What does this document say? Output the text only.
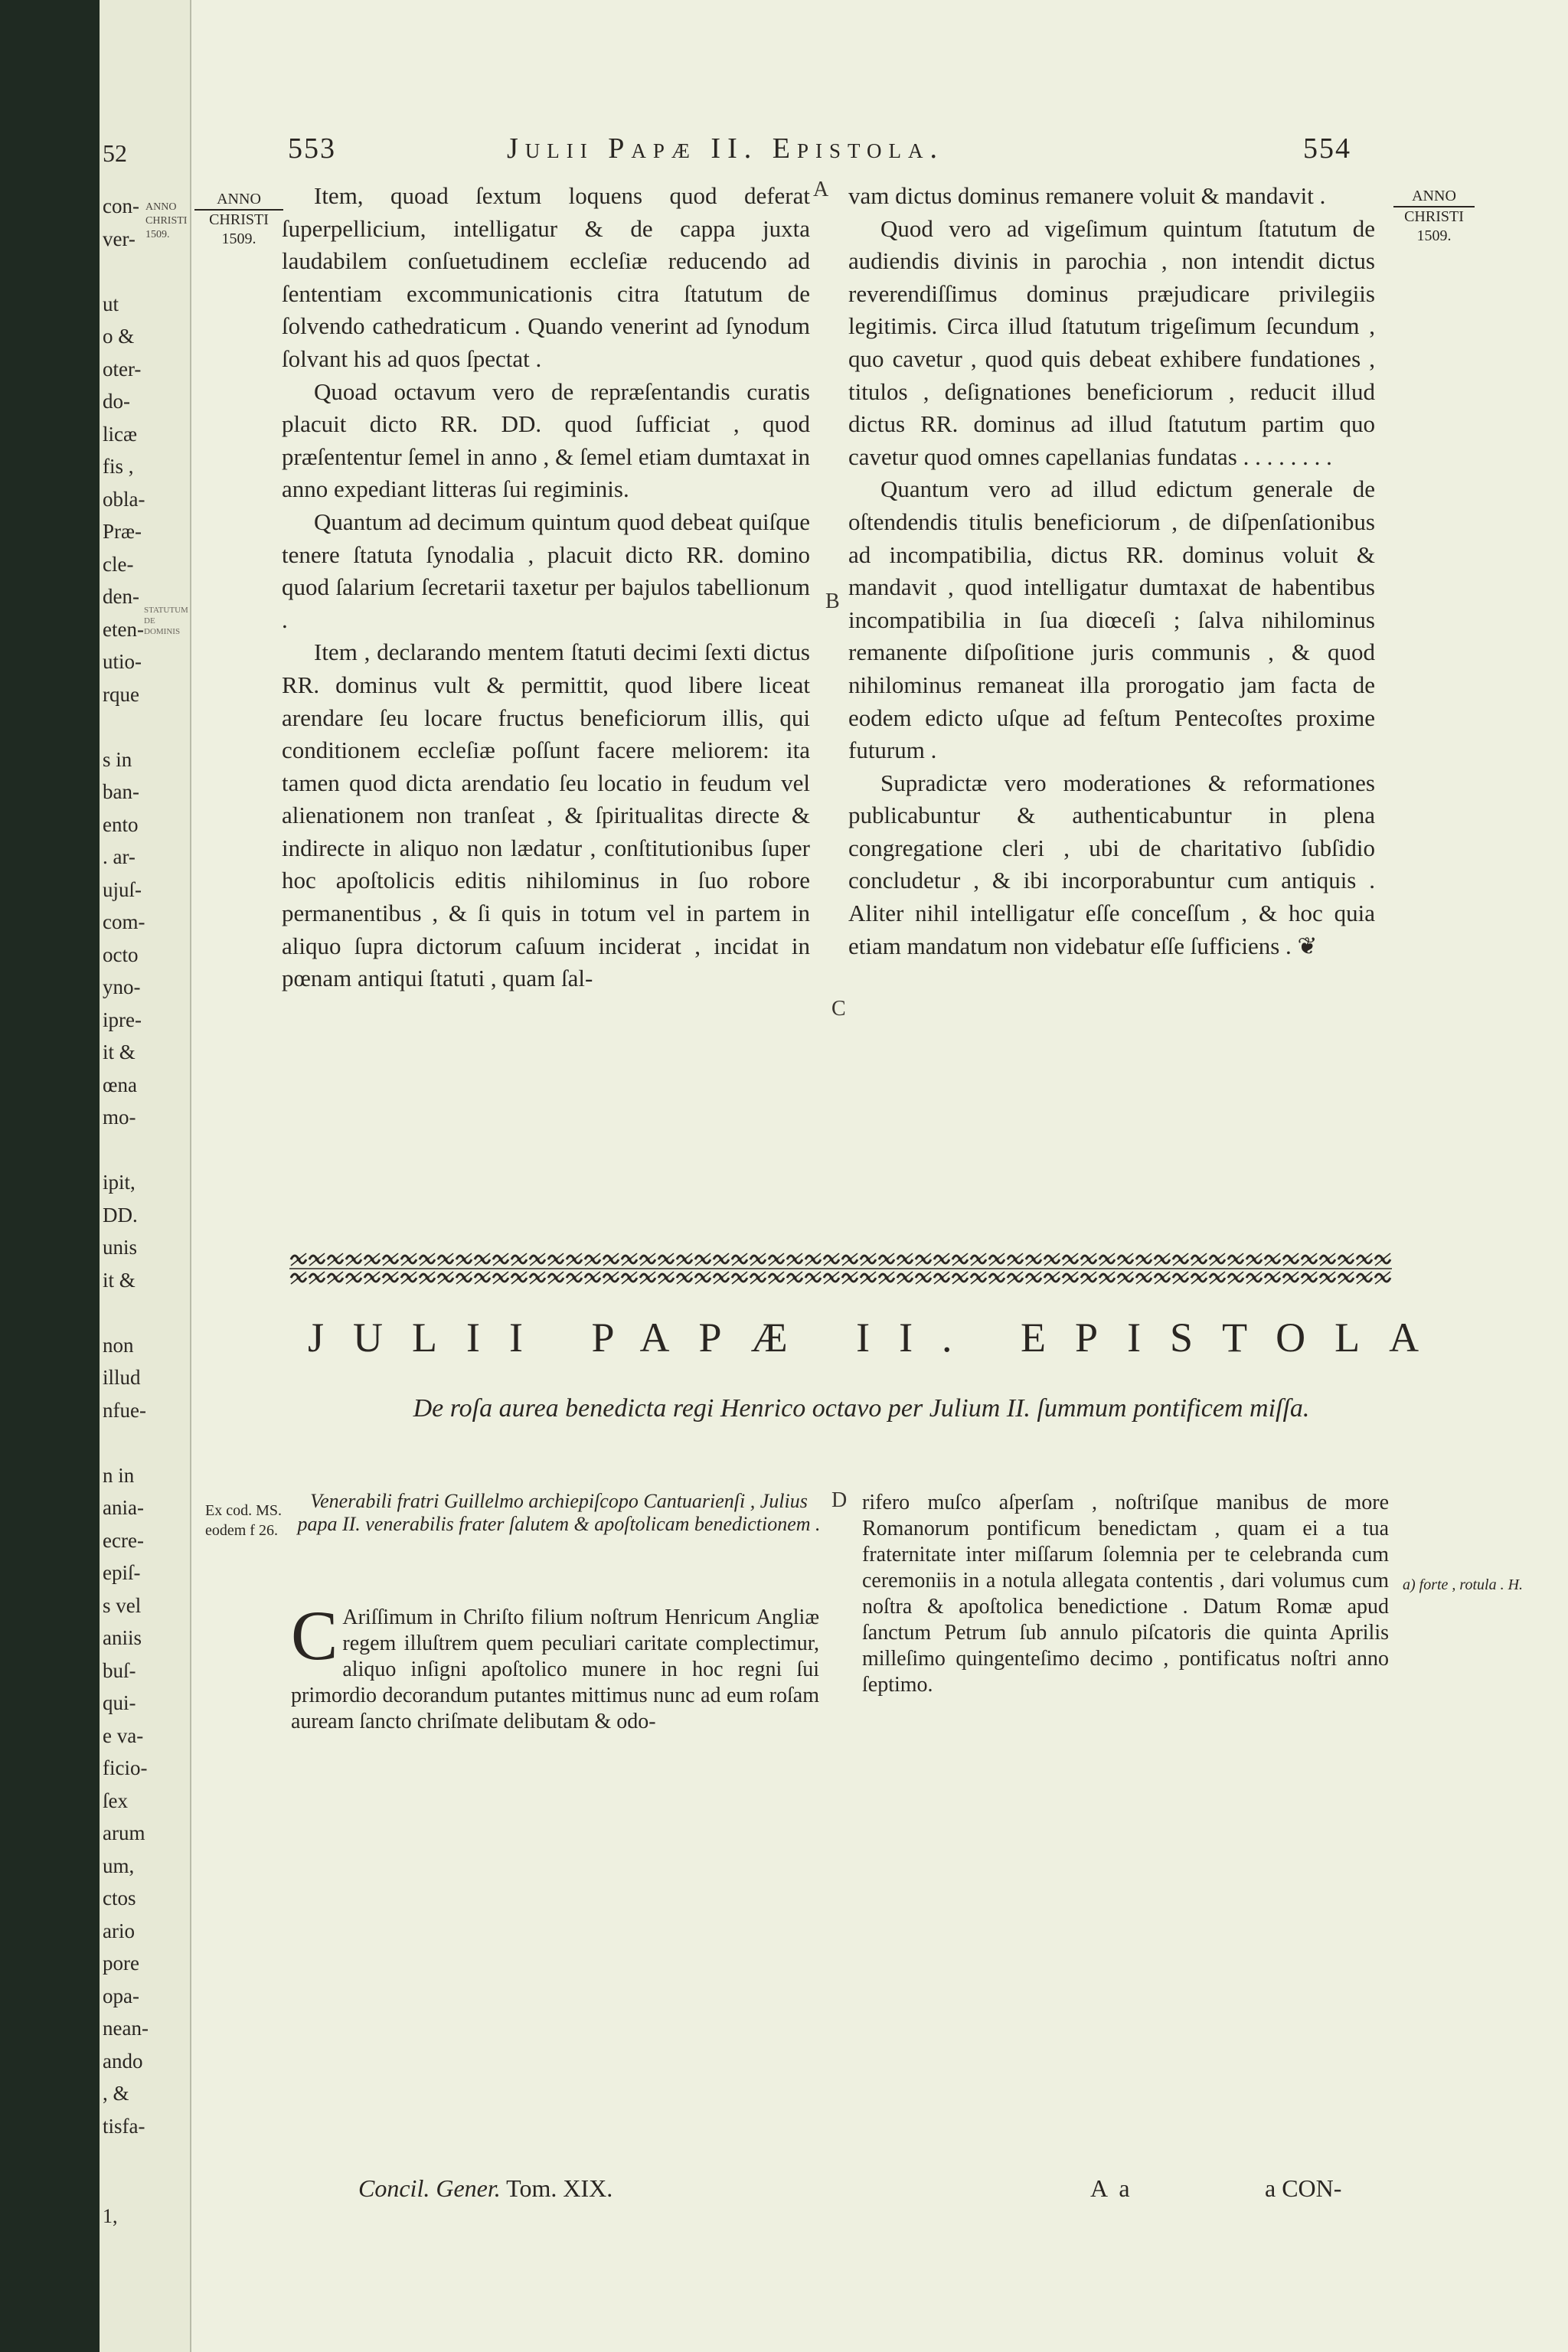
52
ANNO CHRISTI 1509.
STATUTUM DE DOMINIS
con-
ver-

ut
o &
oter-
do-
licæ
fis ,
obla-
Præ-
cle-
den-
eten-
utio-
rque

s in
ban-
ento
. ar-
ujuſ-
com-
octo
yno-
ipre-
it &
œna
mo-

ipit,
DD.
unis
it &

non
illud
nfue-

n in
ania-
ecre-
epiſ-
s vel
aniis
buſ-
qui-
e va-
ficio-
ſex
arum
um,
ctos
ario
pore
opa-
nean-
ando
, &
tisfa-
1,
553	Julii Papæ II. Epistola.	554
ANNO
CHRISTI
1509.
ANNO
CHRISTI
1509.
A
B
C
D

Item, quoad ſextum loquens quod deferat ſuperpellicium, intelligatur & de cappa juxta laudabilem conſuetudinem eccleſiæ reducendo ad ſententiam excommunicationis citra ſtatutum de ſolvendo cathedraticum . Quando venerint ad ſynodum ſolvant his ad quos ſpectat .

Quoad octavum vero de repræſentandis curatis placuit dicto RR. DD. quod ſufficiat , quod præſententur ſemel in anno , & ſemel etiam dumtaxat in anno expediant litteras ſui regiminis.

Quantum ad decimum quintum quod debeat quiſque tenere ſtatuta ſynodalia , placuit dicto RR. domino quod ſalarium ſecretarii taxetur per bajulos tabellionum .

Item , declarando mentem ſtatuti decimi ſexti dictus RR. dominus vult & permittit, quod libere liceat arendare ſeu locare fructus beneficiorum illis, qui conditionem eccleſiæ poſſunt facere meliorem: ita tamen quod dicta arendatio ſeu locatio in feudum vel alienationem non tranſeat , & ſpiritualitas directe & indirecte in aliquo non lædatur , conſtitutionibus ſuper hoc apoſtolicis editis nihilominus in ſuo robore permanentibus , & ſi quis in totum vel in partem in aliquo ſupra dictorum caſuum inciderat , incidat in pœnam antiqui ſtatuti , quam ſal-

vam dictus dominus remanere voluit & mandavit .

Quod vero ad vigeſimum quintum ſtatutum de audiendis divinis in parochia , non intendit dictus reverendiſſimus dominus præjudicare privilegiis legitimis. Circa illud ſtatutum trigeſimum ſecundum , quo cavetur , quod quis debeat exhibere fundationes , titulos , deſignationes beneficiorum , reducit illud dictus RR. dominus ad illud ſtatutum partim quo cavetur quod omnes capellanias fundatas . . . . . . . .

Quantum vero ad illud edictum generale de oſtendendis titulis beneficiorum , de diſpenſationibus ad incompatibilia, dictus RR. dominus voluit & mandavit , quod intelligatur dumtaxat de habentibus incompatibilia in ſua diœceſi ; ſalva nihilominus remanente diſpoſitione juris communis , & quod nihilominus remaneat illa prorogatio jam facta de eodem edicto uſque ad feſtum Pentecoſtes proxime futurum .

Supradictæ vero moderationes & reformationes publicabuntur & authenticabuntur in plena congregatione cleri , ubi de charitativo ſubſidio concludetur , & ibi incorporabuntur cum antiquis . Aliter nihil intelligatur eſſe conceſſum , & hoc quia etiam mandatum non videbatur eſſe ſufficiens . ❦

JULII PAPÆ II. EPISTOLA
De roſa aurea benedicta regi Henrico octavo per Julium II. ſummum pontificem miſſa.
Ex cod. MS.
eodem f 26.
Venerabili fratri Guillelmo archiepiſcopo Cantuarienſi , Julius papa II. venerabilis frater ſalutem & apoſtolicam benedictionem .

C Ariſſimum in Chriſto filium noſtrum Henricum Angliæ regem illuſtrem quem peculiari caritate complectimur, aliquo inſigni apoſtolico munere in hoc regni ſui primordio decorandum putantes mittimus nunc ad eum roſam auream ſancto chriſmate delibutam & odo-

rifero muſco aſperſam , noſtriſque manibus de more Romanorum pontificum benedictam , quam ei a tua fraternitate inter miſſarum ſolemnia per te celebranda cum ceremoniis in a notula allegata contentis , dari volumus cum noſtra & apoſtolica benedictione . Datum Romæ apud ſanctum Petrum ſub annulo piſcatoris die quinta Aprilis milleſimo quingenteſimo decimo , pontificatus noſtri anno ſeptimo.

a) forte , rotula . H.
Concil. Gener. Tom. XIX.	A a	a CON-
